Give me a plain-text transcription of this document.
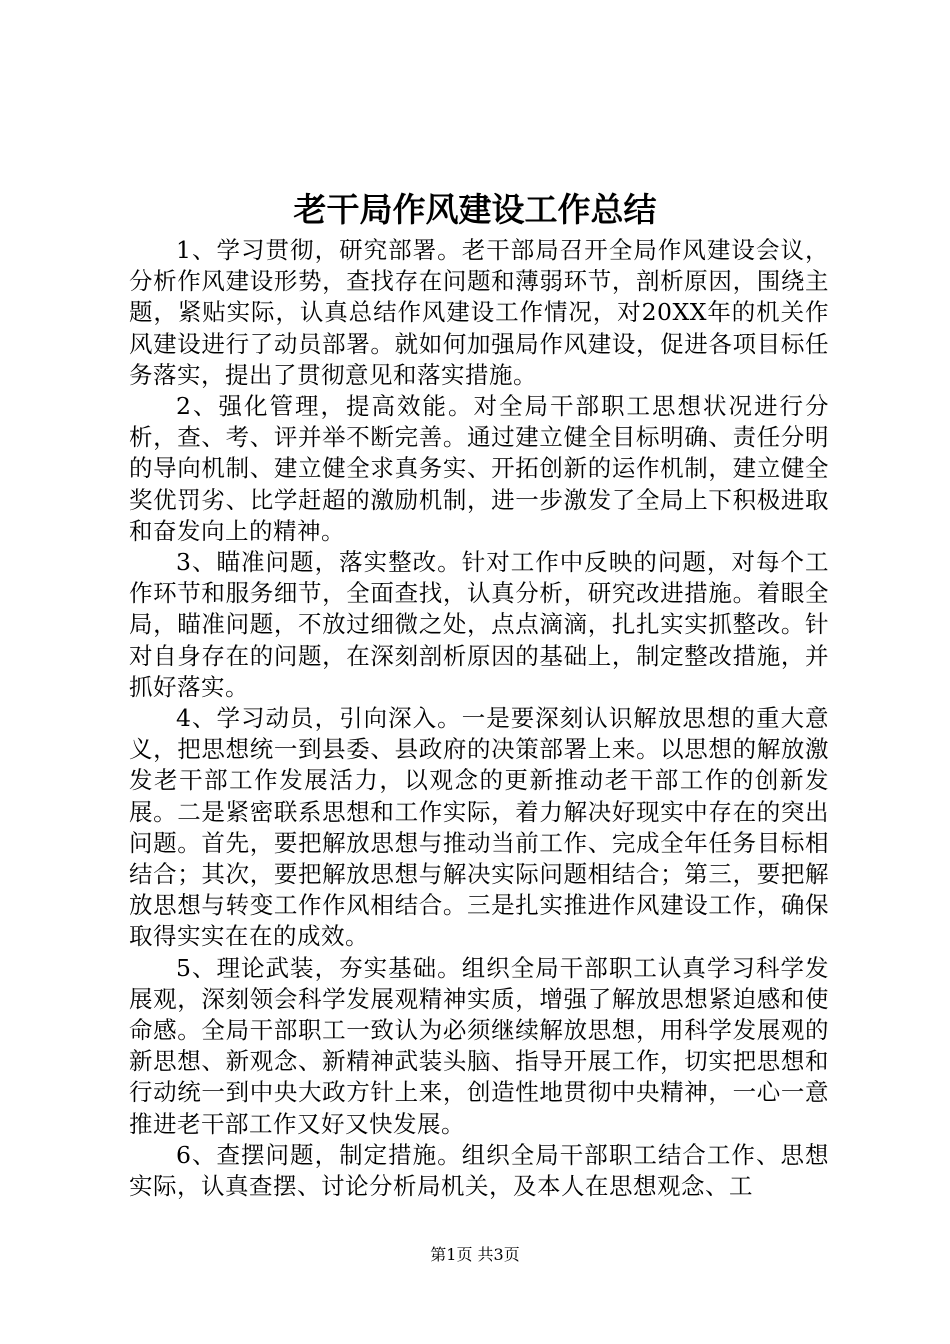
老干局作风建设工作总结

1、学习贯彻，研究部署。老干部局召开全局作风建设会议，分析作风建设形势，查找存在问题和薄弱环节，剖析原因，围绕主题，紧贴实际，认真总结作风建设工作情况，对20XX年的机关作风建设进行了动员部署。就如何加强局作风建设，促进各项目标任务落实，提出了贯彻意见和落实措施。

2、强化管理，提高效能。对全局干部职工思想状况进行分析，查、考、评并举不断完善。通过建立健全目标明确、责任分明的导向机制、建立健全求真务实、开拓创新的运作机制，建立健全奖优罚劣、比学赶超的激励机制，进一步激发了全局上下积极进取和奋发向上的精神。

3、瞄准问题，落实整改。针对工作中反映的问题，对每个工作环节和服务细节，全面查找，认真分析，研究改进措施。着眼全局，瞄准问题，不放过细微之处，点点滴滴，扎扎实实抓整改。针对自身存在的问题，在深刻剖析原因的基础上，制定整改措施，并抓好落实。

4、学习动员，引向深入。一是要深刻认识解放思想的重大意义，把思想统一到县委、县政府的决策部署上来。以思想的解放激发老干部工作发展活力，以观念的更新推动老干部工作的创新发展。二是紧密联系思想和工作实际，着力解决好现实中存在的突出问题。首先，要把解放思想与推动当前工作、完成全年任务目标相结合；其次，要把解放思想与解决实际问题相结合；第三，要把解放思想与转变工作作风相结合。三是扎实推进作风建设工作，确保取得实实在在的成效。

5、理论武装，夯实基础。组织全局干部职工认真学习科学发展观，深刻领会科学发展观精神实质，增强了解放思想紧迫感和使命感。全局干部职工一致认为必须继续解放思想，用科学发展观的新思想、新观念、新精神武装头脑、指导开展工作，切实把思想和行动统一到中央大政方针上来，创造性地贯彻中央精神，一心一意推进老干部工作又好又快发展。

6、查摆问题，制定措施。组织全局干部职工结合工作、思想实际，认真查摆、讨论分析局机关，及本人在思想观念、工

第1页 共3页
